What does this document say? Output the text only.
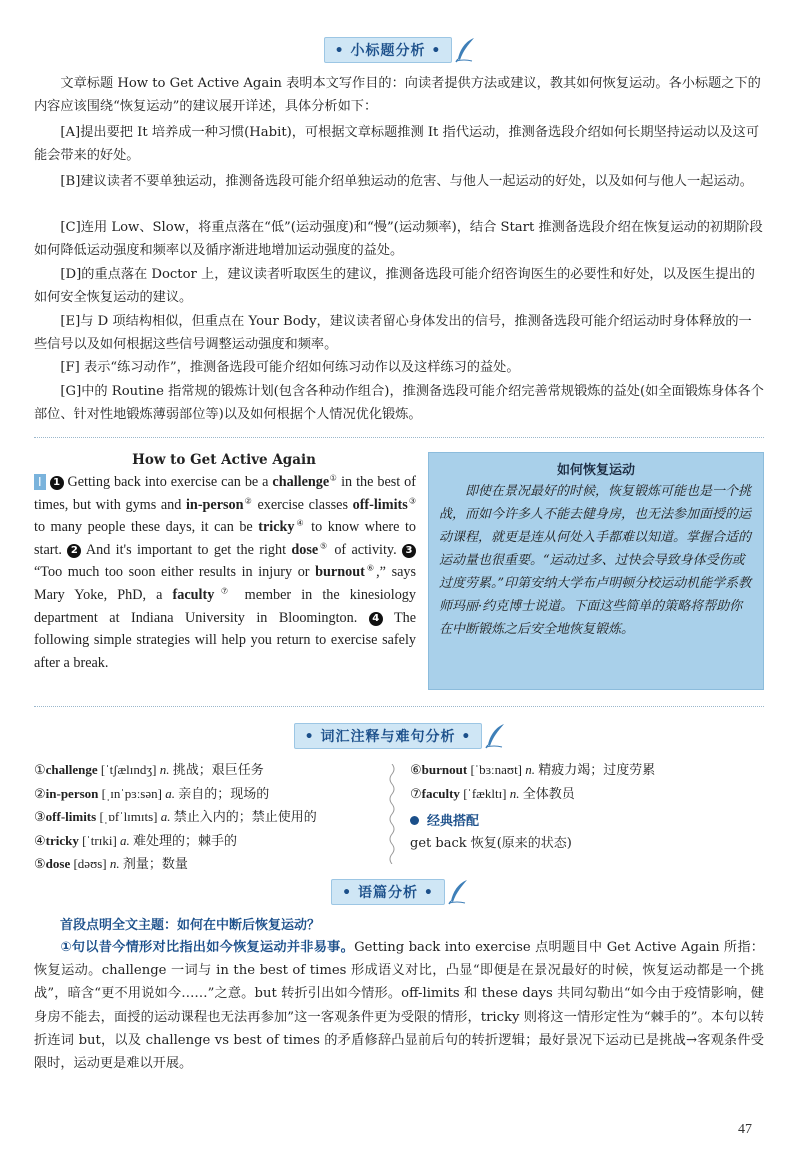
• 小标题分析 •
文章标题 How to Get Active Again 表明本文写作目的：向读者提供方法或建议，教其如何恢复运动。各小标题之下的内容应该围绕“恢复运动”的建议展开详述，具体分析如下：
[A]提出要把 It 培养成一种习惯(Habit)，可根据文章标题推测 It 指代运动，推测备选段介绍如何长期坚持运动以及这可能会带来的好处。
[B]建议读者不要单独运动，推测备选段可能介绍单独运动的危害、与他人一起运动的好处，以及如何与他人一起运动。
[C]连用 Low、Slow，将重点落在“低”(运动强度)和“慢”(运动频率)，结合 Start 推测备选段介绍在恢复运动的初期阶段如何降低运动强度和频率以及循序渐进地增加运动强度的益处。
[D]的重点落在 Doctor 上，建议读者听取医生的建议，推测备选段可能介绍咨询医生的必要性和好处，以及医生提出的如何安全恢复运动的建议。
[E]与 D 项结构相似，但重点在 Your Body，建议读者留心身体发出的信号，推测备选段可能介绍运动时身体释放的一些信号以及如何根据这些信号调整运动强度和频率。
[F] 表示“练习动作”，推测备选段可能介绍如何练习动作以及这样练习的益处。
[G]中的 Routine 指常规的锻炼计划(包含各种动作组合)，推测备选段可能介绍完善常规锻炼的益处(如全面锻炼身体各个部位、针对性地锻炼薄弱部位等)以及如何根据个人情况优化锻炼。
How to Get Active Again
I 1 Getting back into exercise can be a challenge① in the best of times, but with gyms and in-person② exercise classes off-limits③ to many people these days, it can be tricky④ to know where to start. 2 And it's important to get the right dose⑤ of activity. 3 “Too much too soon either results in injury or burnout⑥,” says Mary Yoke, PhD, a faculty⑦ member in the kinesiology department at Indiana University in Bloomington. 4 The following simple strategies will help you return to exercise safely after a break.
如何恢复运动
即使在景况最好的时候，恢复锻炼可能也是一个挑战，而如今许多人不能去健身房，也无法参加面授的运动课程，就更是连从何处入手都难以知道。掌握合适的运动量也很重要。“运动过多、过快会导致身体受伤或过度劳累。”印第安纳大学布卢明顿分校运动机能学系教师玛丽·约克博士说道。下面这些简单的策略将帮助你在中断锻炼之后安全地恢复锻炼。
• 词汇注释与难句分析 •
①challenge [ˈtʃælɪndʒ] n. 挑战；艰巨任务
②in-person [ˌɪnˈpɜːsən] a. 亲自的；现场的
③off-limits [ˌɒfˈlɪmɪts] a. 禁止入内的；禁止使用的
④tricky [ˈtrɪki] a. 难处理的；棘手的
⑤dose [dəʊs] n. 剂量；数量
⑥burnout [ˈbɜːnaʊt] n. 精疲力竭；过度劳累
⑦faculty [ˈfækltɪ] n. 全体教员
经典搭配
get back 恢复(原来的状态)
• 语篇分析 •
首段点明全文主题：如何在中断后恢复运动？
①句以昔今情形对比指出如今恢复运动并非易事。Getting back into exercise 点明题目中 Get Active Again 所指：恢复运动。challenge 一词与 in the best of times 形成语义对比，凸显“即便是在景况最好的时候，恢复运动都是一个挑战”，暗含“更不用说如今……”之意。but 转折引出如今情形。off-limits 和 these days 共同勾勒出“如今由于疫情影响，健身房不能去，面授的运动课程也无法再参加”这一客观条件更为受限的情形，tricky 则将这一情形定性为“棘手的”。本句以转折连词 but，以及 challenge vs best of times 的矛盾修辞凸显前后句的转折逻辑；最好景况下运动已是挑战→客观条件受限时，运动更是难以开展。
47
